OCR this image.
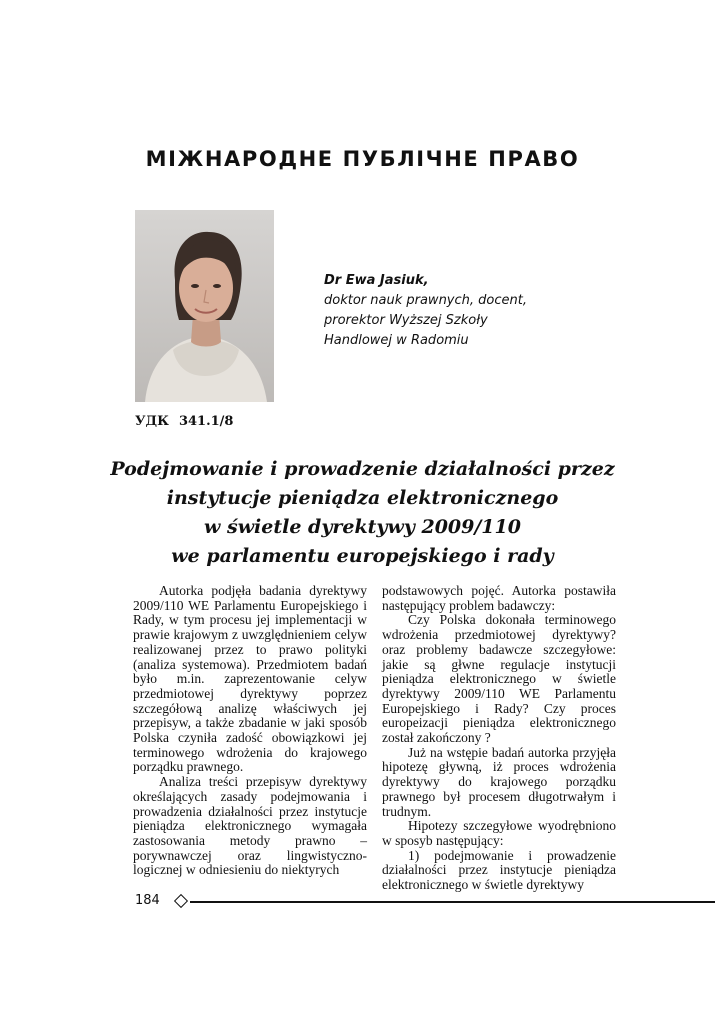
МІЖНАРОДНЕ ПУБЛІЧНЕ ПРАВО
Dr Ewa Jasiuk,
doktor nauk prawnych, docent,
prorektor Wyższej Szkoły
Handlowej w Radomiu
УДК 341.1/8
Podejmowanie i prowadzenie działalności przez
instytucje pieniądza elektronicznego
w świetle dyrektywy 2009/110
we parlamentu europejskiego i rady

Autorka podjęła badania dyrektywy 2009/110 WE Parlamentu Europejskiego i Rady, w tym procesu jej implementacji w prawie krajowym z uwzględnieniem celyw realizowanej przez to prawo polityki (analiza systemowa). Przedmiotem badań było m.in. zaprezentowanie celyw przedmiotowej dyrektywy poprzez szczegółową analizę właściwych jej przepisyw, a także zbadanie w jaki sposób Polska czyniła zadość obowiązkowi jej terminowego wdrożenia do krajowego porządku prawnego.

Analiza treści przepisyw dyrektywy określających zasady podejmowania i prowadzenia działalności przez instytucje pieniądza elektronicznego wymagała zastosowania metody prawno – porywnawczej oraz lingwistyczno-logicznej w odniesieniu do niektyrych

podstawowych pojęć. Autorka postawiła następujący problem badawczy:

Czy Polska dokonała terminowego wdrożenia przedmiotowej dyrektywy? oraz problemy badawcze szczegyłowe: jakie są głwne regulacje instytucji pieniądza elektronicznego w świetle dyrektywy 2009/110 WE Parlamentu Europejskiego i Rady? Czy proces europeizacji pieniądza elektronicznego został zakończony ?

Już na wstępie badań autorka przyjęła hipotezę gływną, iż proces wdrożenia dyrektywy do krajowego porządku prawnego był procesem długotrwałym i trudnym.

Hipotezy szczegyłowe wyodrębniono w sposyb następujący:

1) podejmowanie i prowadzenie działalności przez instytucje pieniądza elektronicznego w świetle dyrektywy

184
